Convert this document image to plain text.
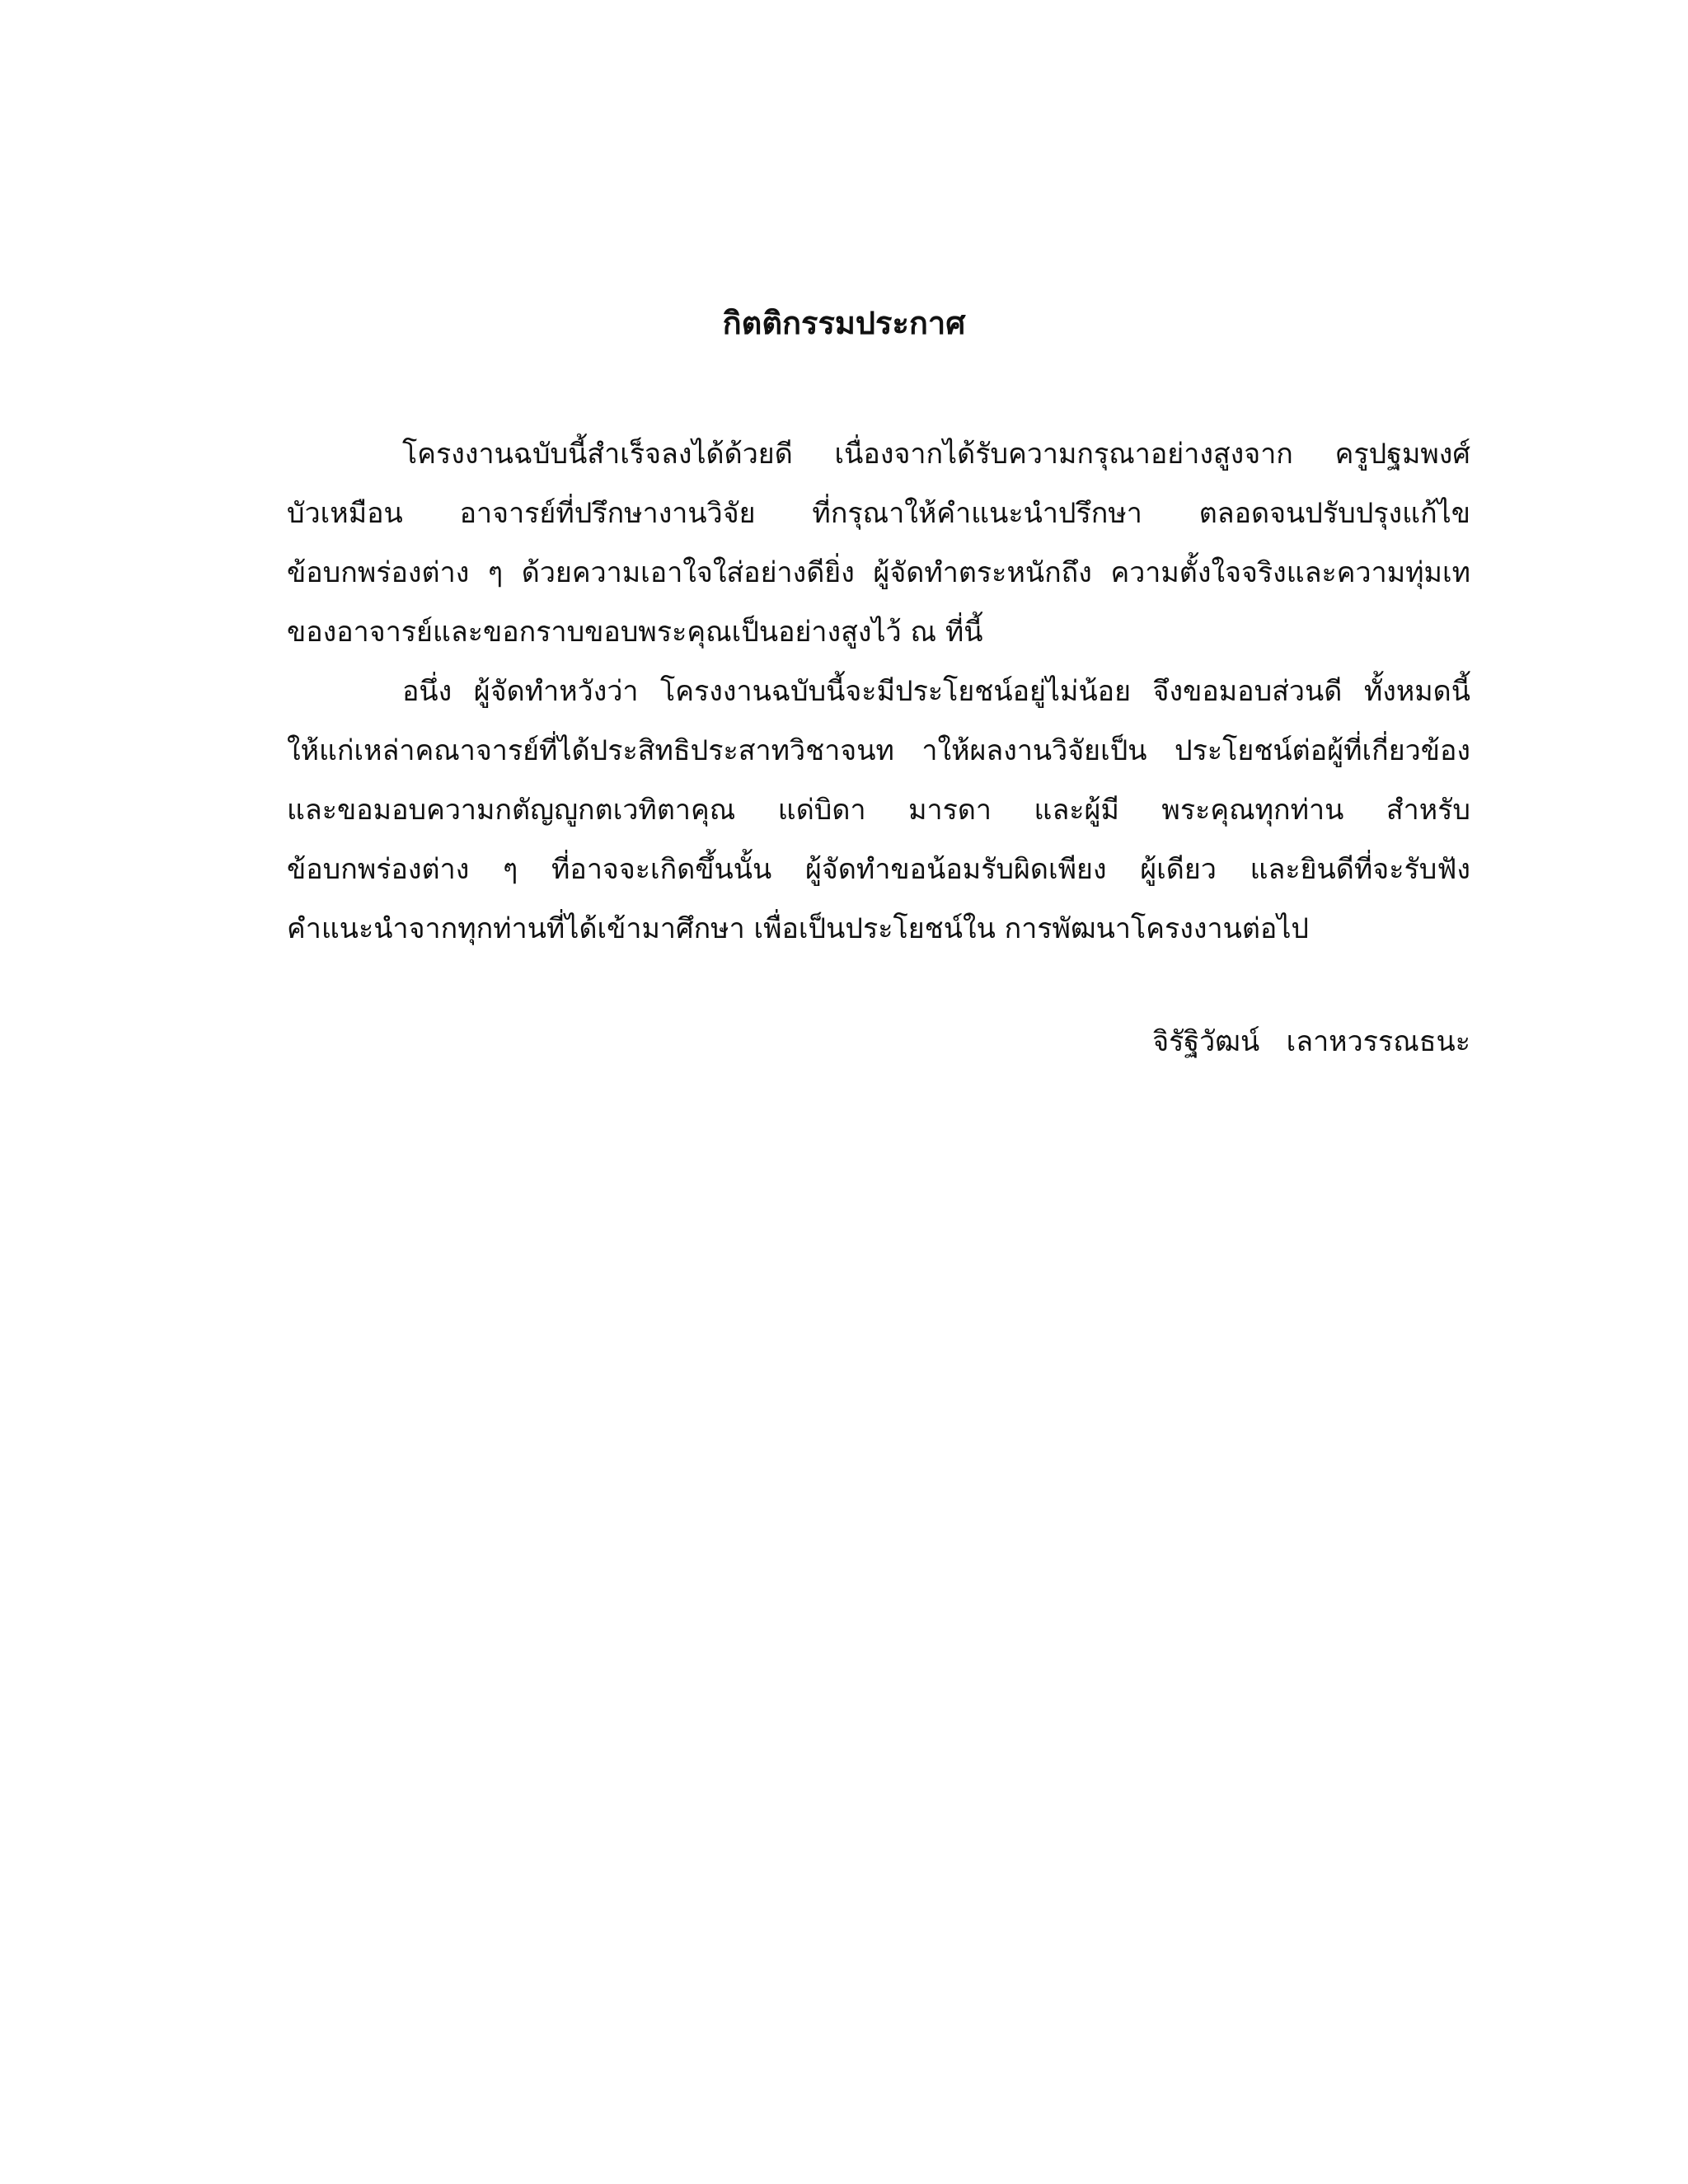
กิตติกรรมประกาศ
โครงงานฉบับนี้สำเร็จลงได้ด้วยดี เนื่องจากได้รับความกรุณาอย่างสูงจาก ครูปฐมพงศ์
บัวเหมือน อาจารย์ที่ปรึกษางานวิจัย ที่กรุณาให้คำแนะนำปรึกษา ตลอดจนปรับปรุงแก้ไข
ข้อบกพร่องต่าง ๆ ด้วยความเอาใจใส่อย่างดียิ่ง ผู้จัดทำตระหนักถึง ความตั้งใจจริงและความทุ่มเท
ของอาจารย์และขอกราบขอบพระคุณเป็นอย่างสูงไว้ ณ ที่นี้
อนึ่ง ผู้จัดทำหวังว่า โครงงานฉบับนี้จะมีประโยชน์อยู่ไม่น้อย จึงขอมอบส่วนดี ทั้งหมดนี้
ให้แก่เหล่าคณาจารย์ที่ได้ประสิทธิประสาทวิชาจนท าให้ผลงานวิจัยเป็น ประโยชน์ต่อผู้ที่เกี่ยวข้อง
และขอมอบความกตัญญูกตเวทิตาคุณ แด่บิดา มารดา และผู้มี พระคุณทุกท่าน สำหรับ
ข้อบกพร่องต่าง ๆ ที่อาจจะเกิดขึ้นนั้น ผู้จัดทำขอน้อมรับผิดเพียง ผู้เดียว และยินดีที่จะรับฟัง
คำแนะนำจากทุกท่านที่ได้เข้ามาศึกษา เพื่อเป็นประโยชน์ใน การพัฒนาโครงงานต่อไป
จิรัฐิวัฒน์   เลาหวรรณธนะ
